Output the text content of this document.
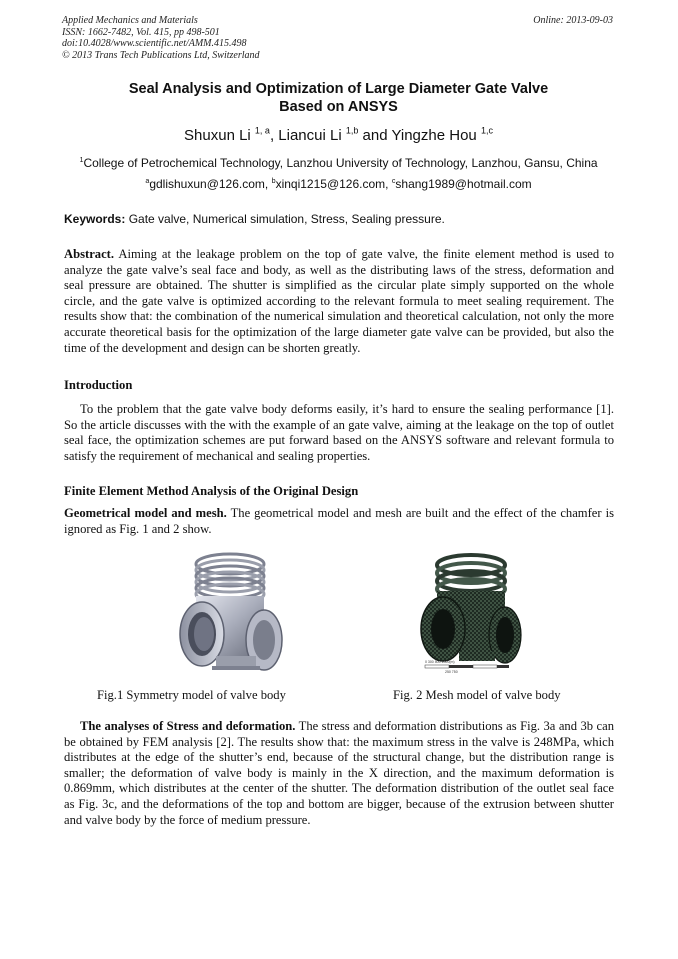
Applied Mechanics and Materials
ISSN: 1662-7482, Vol. 415, pp 498-501
doi:10.4028/www.scientific.net/AMM.415.498
© 2013 Trans Tech Publications Ltd, Switzerland
Online: 2013-09-03
Seal Analysis and Optimization of Large Diameter Gate Valve
Based on ANSYS
Shuxun Li $^{1, a}$, Liancui Li $^{1,b}$ and Yingzhe Hou $^{1,c}$
$^1$College of Petrochemical Technology, Lanzhou University of Technology, Lanzhou, Gansu, China
$^a$gdlishuxun@126.com, $^b$xinqi1215@126.com, $^c$shang1989@hotmail.com
Keywords: Gate valve, Numerical simulation, Stress, Sealing pressure.
Abstract. Aiming at the leakage problem on the top of gate valve, the finite element method is used to analyze the gate valve’s seal face and body, as well as the distributing laws of the stress, deformation and seal pressure are obtained. The shutter is simplified as the circular plate simply supported on the whole circle, and the gate valve is optimized according to the relevant formula to meet sealing requirement. The results show that: the combination of the numerical simulation and theoretical calculation, not only the more accurate theoretical basis for the optimization of the large diameter gate valve can be provided, but also the time of the development and design can be shorten greatly.
Introduction
To the problem that the gate valve body deforms easily, it’s hard to ensure the sealing performance [1]. So the article discusses with the with the example of an gate valve, aiming at the leakage on the top of outlet seal face, the optimization schemes are put forward based on the ANSYS software and relevant formula to satisfy the requirement of mechanical and sealing properties.
Finite Element Method Analysis of the Original Design
Geometrical model and mesh. The geometrical model and mesh are built and the effect of the chamfer is ignored as Fig. 1 and 2 show.
0 300 500 1000(m)
250 750
Fig.1 Symmetry model of valve body	Fig. 2 Mesh model of valve body
The analyses of Stress and deformation. The stress and deformation distributions as Fig. 3a and 3b can be obtained by FEM analysis [2]. The results show that: the maximum stress in the valve is 248MPa, which distributes at the edge of the shutter’s end, because of the structural change, but the distribution range is smaller; the deformation of valve body is mainly in the X direction, and the maximum deformation is 0.869mm, which distributes at the center of the shutter. The deformation distribution of the outlet seal face as Fig. 3c, and the deformations of the top and bottom are bigger, because of the extrusion between shutter and valve body by the force of medium pressure.
